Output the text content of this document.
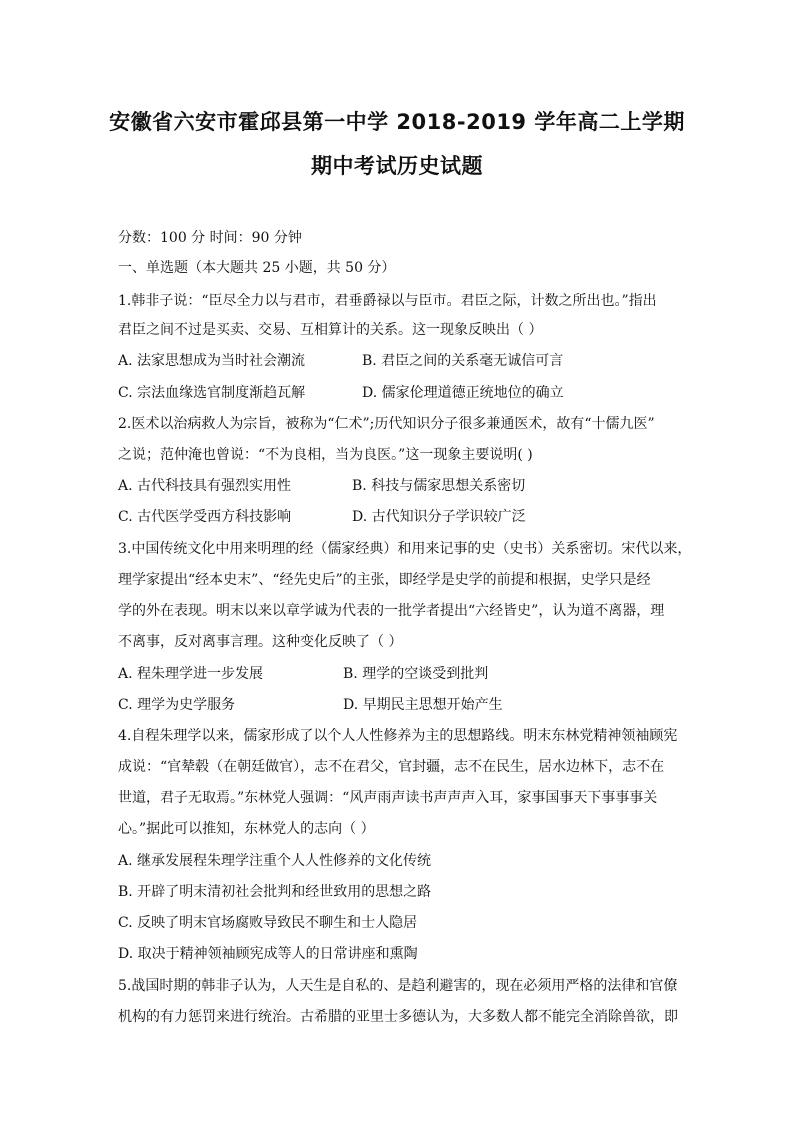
安徽省六安市霍邱县第一中学 2018-2019 学年高二上学期
期中考试历史试题
分数：100 分 时间：90 分钟
一、单选题（本大题共 25 小题，共 50 分）
1.韩非子说：“臣尽全力以与君市，君垂爵禄以与臣市。君臣之际，计数之所出也。”指出
君臣之间不过是买卖、交易、互相算计的关系。这一现象反映出（ ）
A. 法家思想成为当时社会潮流	B. 君臣之间的关系毫无诚信可言
C. 宗法血缘选官制度渐趋瓦解	D. 儒家伦理道德正统地位的确立
2.医术以治病救人为宗旨，被称为“仁术”;历代知识分子很多兼通医术，故有“十儒九医”
之说；范仲淹也曾说：“不为良相，当为良医。”这一现象主要说明( )
A. 古代科技具有强烈实用性	B. 科技与儒家思想关系密切
C. 古代医学受西方科技影响	D. 古代知识分子学识较广泛
3.中国传统文化中用来明理的经（儒家经典）和用来记事的史（史书）关系密切。宋代以来，
理学家提出“经本史末”、“经先史后”的主张，即经学是史学的前提和根据，史学只是经
学的外在表现。明末以来以章学诚为代表的一批学者提出“六经皆史”，认为道不离器，理
不离事，反对离事言理。这种变化反映了（ ）
A. 程朱理学进一步发展	B. 理学的空谈受到批判
C. 理学为史学服务	D. 早期民主思想开始产生
4.自程朱理学以来，儒家形成了以个人人性修养为主的思想路线。明末东林党精神领袖顾宪
成说：“官辇毂（在朝廷做官），志不在君父，官封疆，志不在民生，居水边林下，志不在
世道，君子无取焉。”东林党人强调：“风声雨声读书声声声入耳，家事国事天下事事事关
心。”据此可以推知，东林党人的志向（ ）
A. 继承发展程朱理学注重个人人性修养的文化传统
B. 开辟了明末清初社会批判和经世致用的思想之路
C. 反映了明末官场腐败导致民不聊生和士人隐居
D. 取决于精神领袖顾宪成等人的日常讲座和熏陶
5.战国时期的韩非子认为，人天生是自私的、是趋利避害的，现在必须用严格的法律和官僚
机构的有力惩罚来进行统治。古希腊的亚里士多德认为，大多数人都不能完全消除兽欲，即
